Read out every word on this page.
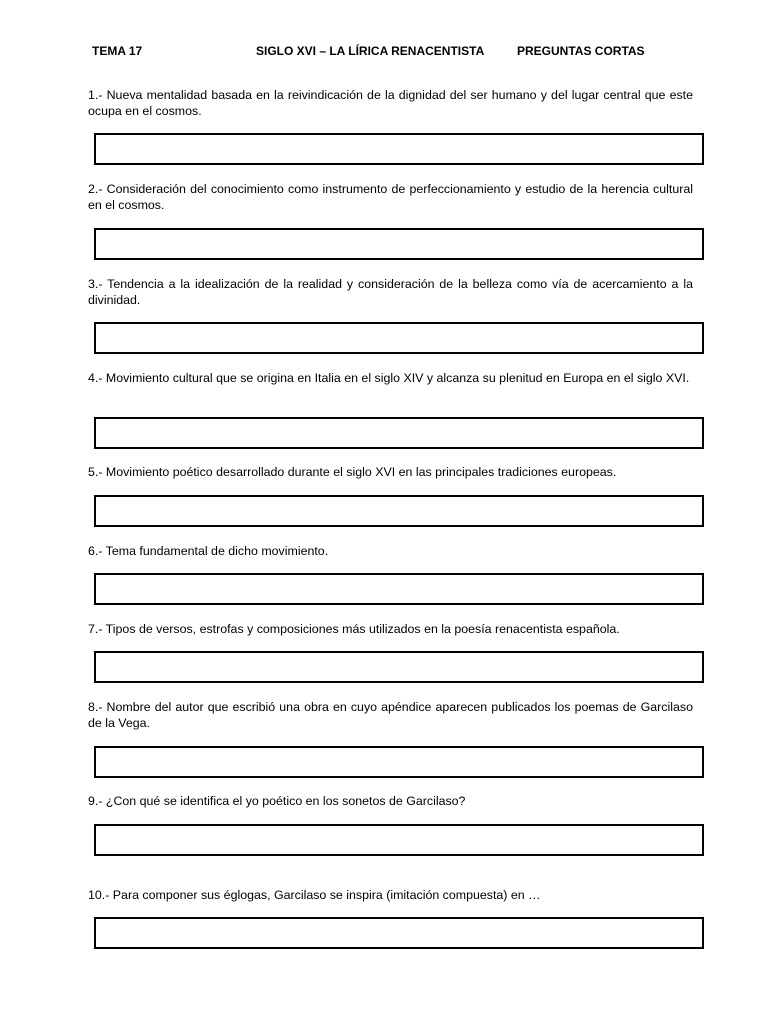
TEMA 17	SIGLO XVI – LA LÍRICA RENACENTISTA	PREGUNTAS CORTAS

1.- Nueva mentalidad basada en la reivindicación de la dignidad del ser humano y del lugar central que este ocupa en el cosmos.

2.- Consideración del conocimiento como instrumento de perfeccionamiento y estudio de la herencia cultural en el cosmos.

3.- Tendencia a la idealización de la realidad y consideración de la belleza como vía de acercamiento a la divinidad.

4.- Movimiento cultural que se origina en Italia en el siglo XIV y alcanza su plenitud en Europa en el siglo XVI.

5.- Movimiento poético desarrollado durante el siglo XVI en las principales tradiciones europeas.

6.- Tema fundamental de dicho movimiento.

7.- Tipos de versos, estrofas y composiciones más utilizados en la poesía renacentista española.

8.- Nombre del autor que escribió una obra en cuyo apéndice aparecen publicados los poemas de Garcilaso de la Vega.

9.- ¿Con qué se identifica el yo poético en los sonetos de Garcilaso?

10.- Para componer sus églogas, Garcilaso se inspira (imitación compuesta) en …
